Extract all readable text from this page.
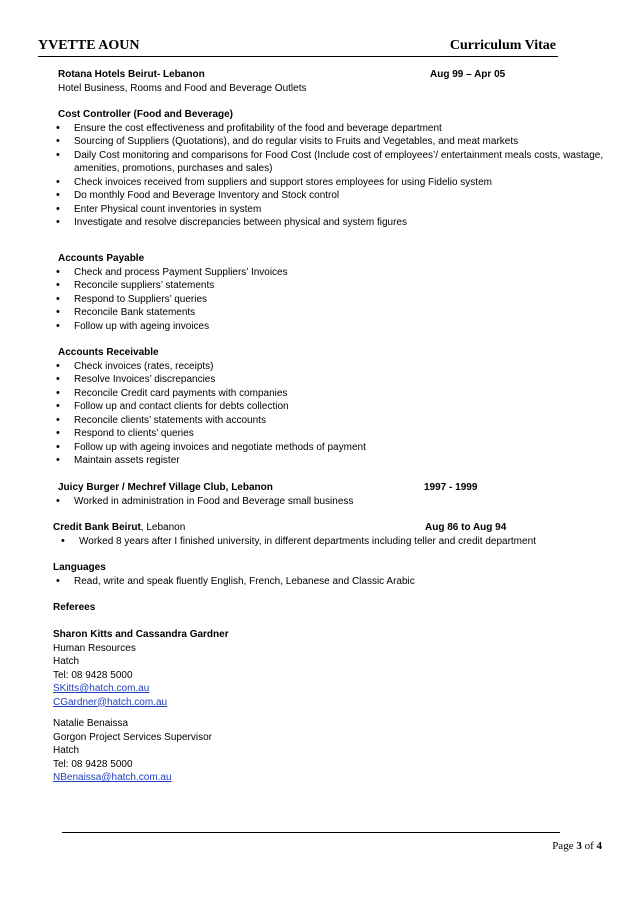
YVETTE AOUN	Curriculum Vitae
Rotana Hotels Beirut- Lebanon	Aug 99 – Apr 05
Hotel Business, Rooms and Food and Beverage Outlets
Cost Controller (Food and Beverage)
• Ensure the cost effectiveness and profitability of the food and beverage department
• Sourcing of Suppliers (Quotations), and do regular visits to Fruits and Vegetables, and meat markets
• Daily Cost monitoring and comparisons for Food Cost (Include cost of employees’/ entertainment meals costs, wastage,
amenities, promotions, purchases and sales)
• Check invoices received from suppliers and support stores employees for using Fidelio system
• Do monthly Food and Beverage Inventory and Stock control
• Enter Physical count inventories in system
• Investigate and resolve discrepancies between physical and system figures
Accounts Payable
• Check and process Payment Suppliers’ Invoices
• Reconcile suppliers’ statements
• Respond to Suppliers’ queries
• Reconcile Bank statements
• Follow up with ageing invoices
Accounts Receivable
• Check invoices (rates, receipts)
• Resolve Invoices’ discrepancies
• Reconcile Credit card payments with companies
• Follow up and contact clients for debts collection
• Reconcile clients’ statements with accounts
• Respond to clients’ queries
• Follow up with ageing invoices and negotiate methods of payment
• Maintain assets register
Juicy Burger / Mechref Village Club, Lebanon	1997 - 1999
• Worked in administration in Food and Beverage small business
Credit Bank Beirut, Lebanon	Aug 86 to Aug 94
• Worked 8 years after I finished university, in different departments including teller and credit department
Languages
• Read, write and speak fluently English, French, Lebanese and Classic Arabic
Referees
Sharon Kitts and Cassandra Gardner
Human Resources
Hatch
Tel: 08 9428 5000
SKitts@hatch.com.au
CGardner@hatch.com.au
Natalie Benaissa
Gorgon Project Services Supervisor
Hatch
Tel: 08 9428 5000
NBenaissa@hatch.com.au
Page 3 of 4
